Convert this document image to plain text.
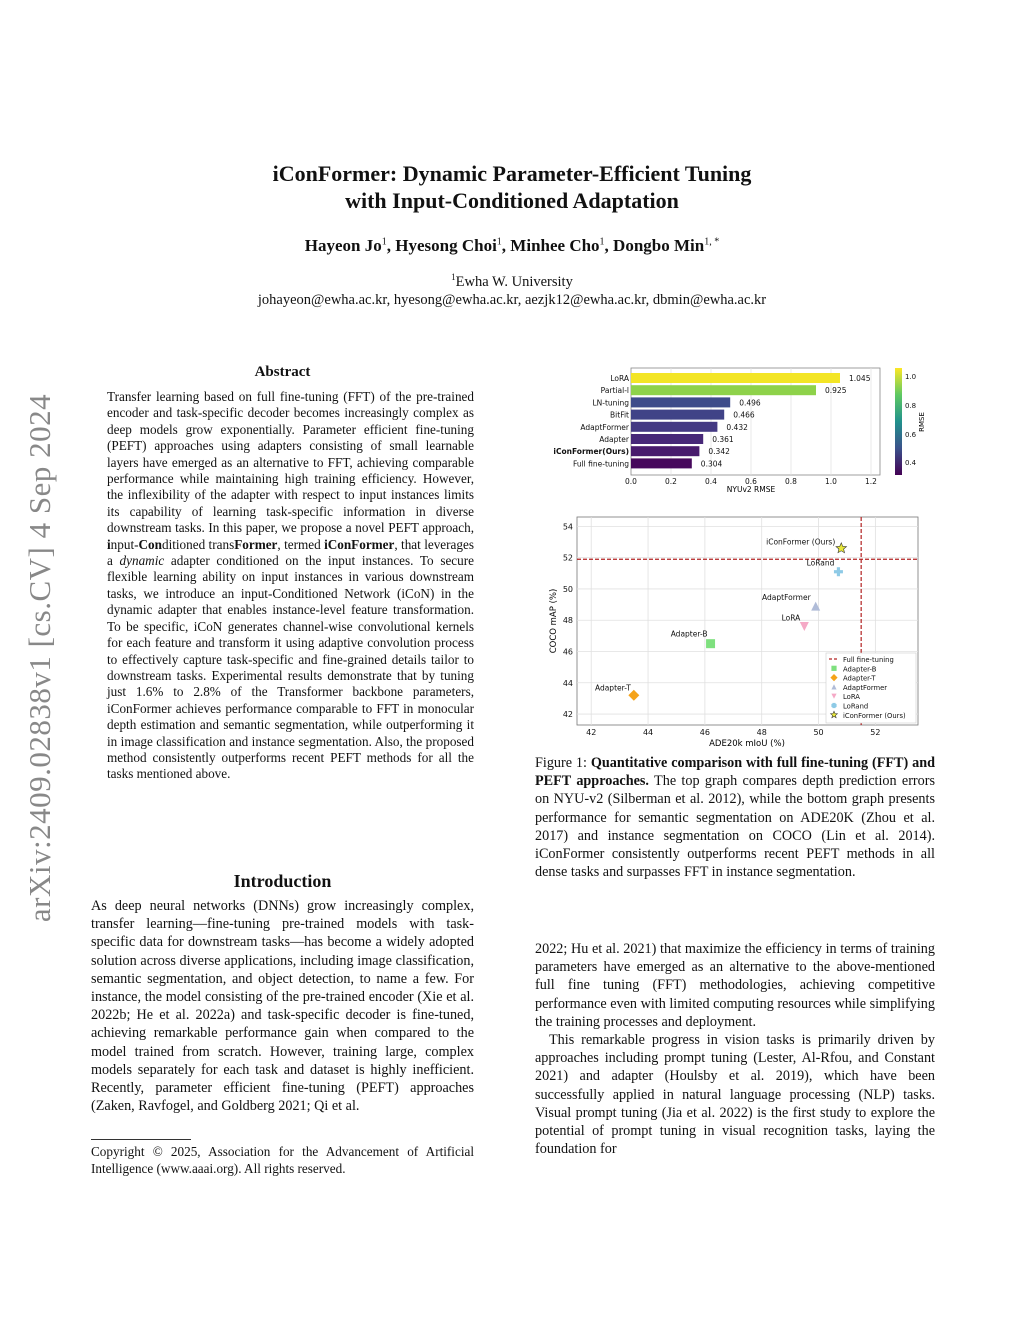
arXiv:2409.02838v1 [cs.CV] 4 Sep 2024
iConFormer: Dynamic Parameter-Efficient Tuning
with Input-Conditioned Adaptation
Hayeon Jo$^1$, Hyesong Choi$^1$, Minhee Cho$^1$, Dongbo Min$^{1, *}$
$^1$Ewha W. University
johayeon@ewha.ac.kr, hyesong@ewha.ac.kr, aezjk12@ewha.ac.kr, dbmin@ewha.ac.kr
Abstract
Transfer learning based on full fine-tuning (FFT) of the pre-trained encoder and task-specific decoder becomes increasingly complex as deep models grow exponentially. Parameter efficient fine-tuning (PEFT) approaches using adapters consisting of small learnable layers have emerged as an alternative to FFT, achieving comparable performance while maintaining high training efficiency. However, the inflexibility of the adapter with respect to input instances limits its capability of learning task-specific information in diverse downstream tasks. In this paper, we propose a novel PEFT approach, input-Conditioned transFormer, termed iConFormer, that leverages a dynamic adapter conditioned on the input instances. To secure flexible learning ability on input instances in various downstream tasks, we introduce an input-Conditioned Network (iCoN) in the dynamic adapter that enables instance-level feature transformation. To be specific, iCoN generates channel-wise convolutional kernels for each feature and transform it using adaptive convolution process to effectively capture task-specific and fine-grained details tailor to downstream tasks. Experimental results demonstrate that by tuning just 1.6% to 2.8% of the Transformer backbone parameters, iConFormer achieves performance comparable to FFT in monocular depth estimation and semantic segmentation, while outperforming it in image classification and instance segmentation. Also, the proposed method consistently outperforms recent PEFT methods for all the tasks mentioned above.
Introduction
As deep neural networks (DNNs) grow increasingly complex, transfer learning—fine-tuning pre-trained models with task-specific data for downstream tasks—has become a widely adopted solution across diverse applications, including image classification, semantic segmentation, and object detection, to name a few. For instance, the model consisting of the pre-trained encoder (Xie et al. 2022b; He et al. 2022a) and task-specific decoder is fine-tuned, achieving remarkable performance gain when compared to the model trained from scratch. However, training large, complex models separately for each task and dataset is highly inefficient. Recently, parameter efficient fine-tuning (PEFT) approaches (Zaken, Ravfogel, and Goldberg 2021; Qi et al.
Copyright © 2025, Association for the Advancement of Artificial Intelligence (www.aaai.org). All rights reserved.
LoRA
Partial-l
LN-tuning
BitFit
AdaptFormer
Adapter
iConFormer(Ours)
Full fine-tuning
1.045
0.925
0.496
0.466
0.432
0.361
0.342
0.304
0.0	0.2	0.4	0.6	0.8	1.0	1.2
NYUv2 RMSE
1.0
0.8
0.6
0.4
RMSE
Adapter-B
Adapter-T
AdaptFormer
LoRA
LoRand
iConFormer (Ours)
42	44	46	48	50	52
42
44
46
48
50
52
54
ADE20k mIoU (%)
COCO mAP (%)
Full fine-tuning
Adapter-B
Adapter-T
AdaptFormer
LoRA
LoRand
iConFormer (Ours)
Figure 1: Quantitative comparison with full fine-tuning (FFT) and PEFT approaches. The top graph compares depth prediction errors on NYU-v2 (Silberman et al. 2012), while the bottom graph presents performance for semantic segmentation on ADE20K (Zhou et al. 2017) and instance segmentation on COCO (Lin et al. 2014). iConFormer consistently outperforms recent PEFT methods in all dense tasks and surpasses FFT in instance segmentation.

2022; Hu et al. 2021) that maximize the efficiency in terms of training parameters have emerged as an alternative to the above-mentioned full fine tuning (FFT) methodologies, achieving competitive performance even with limited computing resources while simplifying the training processes and deployment.

This remarkable progress in vision tasks is primarily driven by approaches including prompt tuning (Lester, Al-Rfou, and Constant 2021) and adapter (Houlsby et al. 2019), which have been successfully applied in natural language processing (NLP) tasks. Visual prompt tuning (Jia et al. 2022) is the first study to explore the potential of prompt tuning in visual recognition tasks, laying the foundation for
